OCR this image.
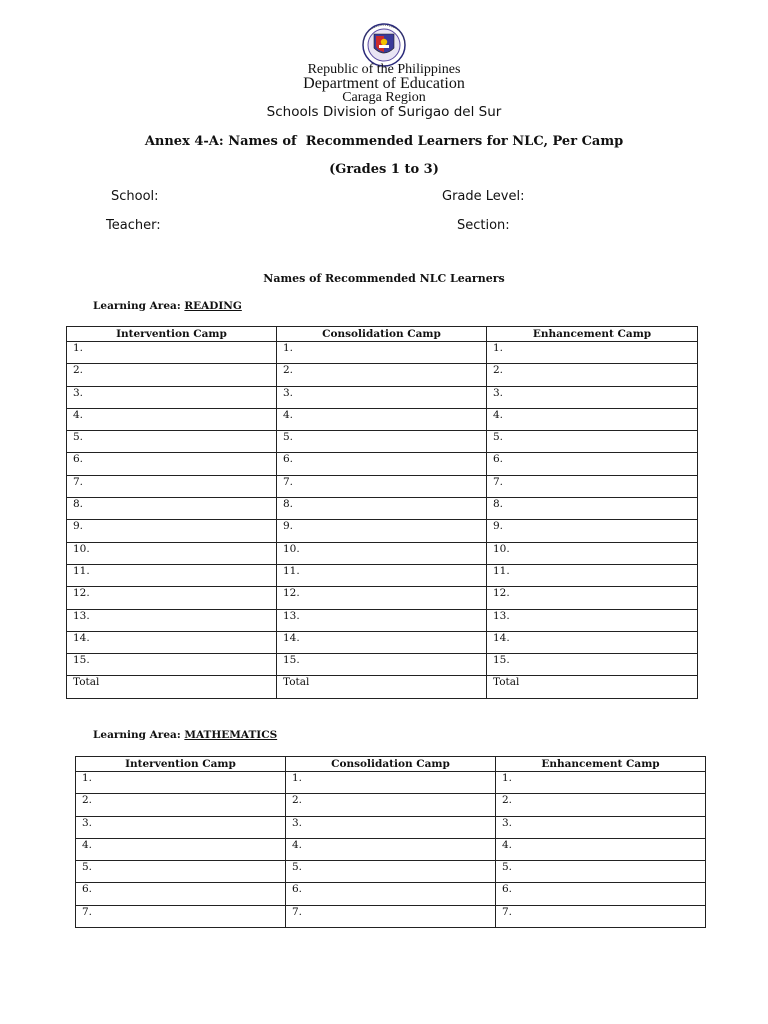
Republic of the Philippines
Department of Education
Caraga Region
Schools Division of Surigao del Sur
Annex 4-A: Names of  Recommended Learners for NLC, Per Camp
(Grades 1 to 3)
School:	Grade Level:
Teacher:	Section:
Names of Recommended NLC Learners
Learning Area: READING
Intervention Camp	Consolidation Camp	Enhancement Camp
1.	1.	1.
2.	2.	2.
3.	3.	3.
4.	4.	4.
5.	5.	5.
6.	6.	6.
7.	7.	7.
8.	8.	8.
9.	9.	9.
10.	10.	10.
11.	11.	11.
12.	12.	12.
13.	13.	13.
14.	14.	14.
15.	15.	15.
Total	Total	Total
Learning Area: MATHEMATICS
Intervention Camp	Consolidation Camp	Enhancement Camp
1.	1.	1.
2.	2.	2.
3.	3.	3.
4.	4.	4.
5.	5.	5.
6.	6.	6.
7.	7.	7.
